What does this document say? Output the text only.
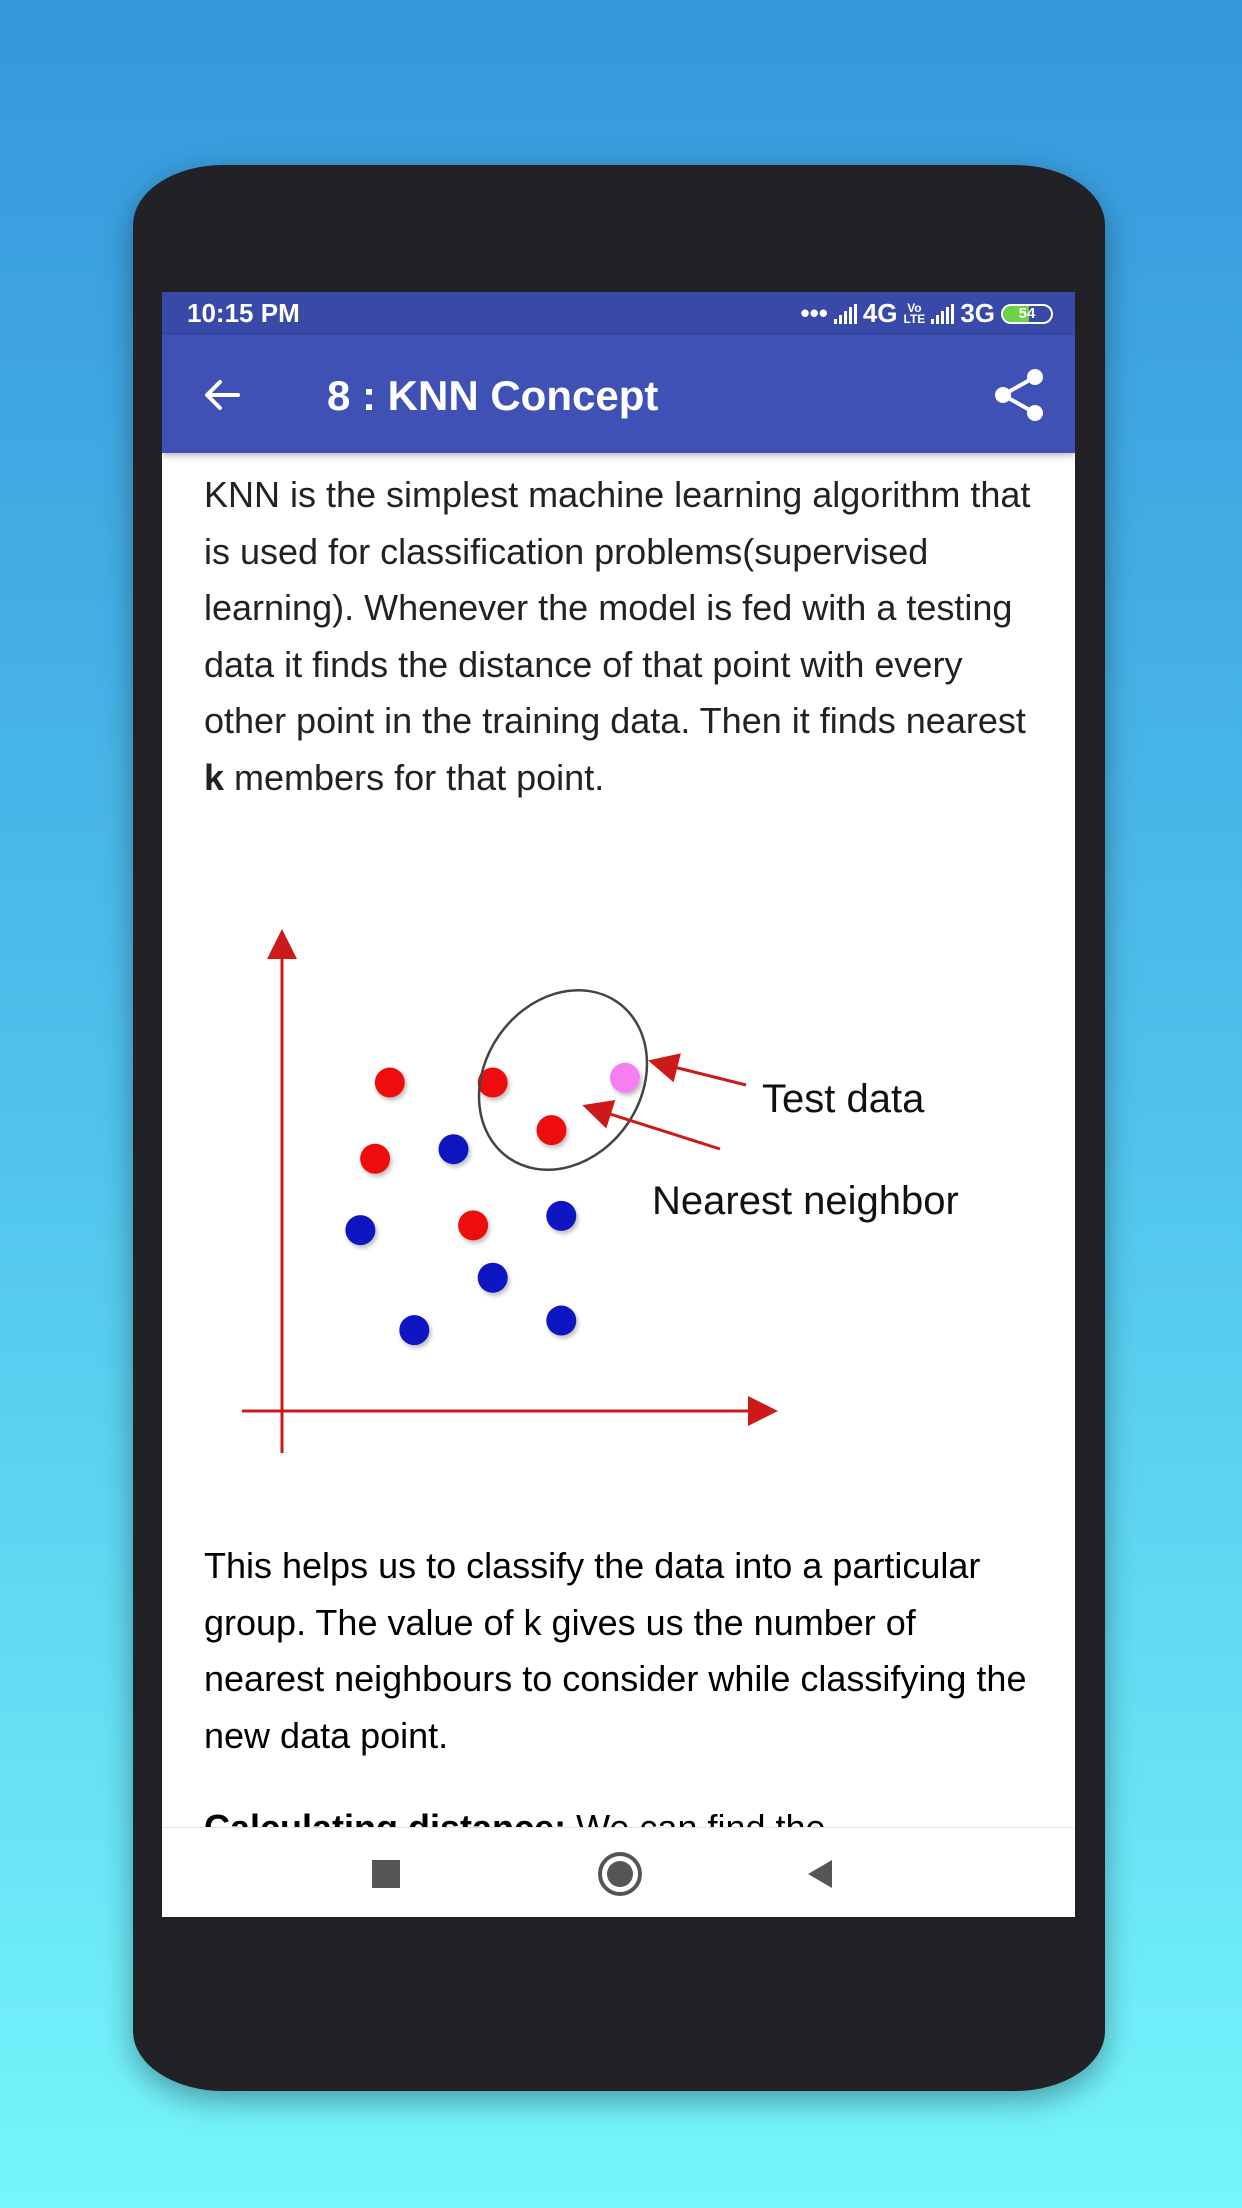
10:15 PM	••• 4G Vo
LTE 3G	54
8 : KNN Concept

KNN is the simplest machine learning algorithm that is used for classification problems(supervised learning). Whenever the model is fed with a testing data it finds the distance of that point with every other point in the training data. Then it finds nearest k members for that point.

Test data
Nearest neighbor

This helps us to classify the data into a particular group. The value of k gives us the number of nearest neighbours to consider while classifying the new data point.
